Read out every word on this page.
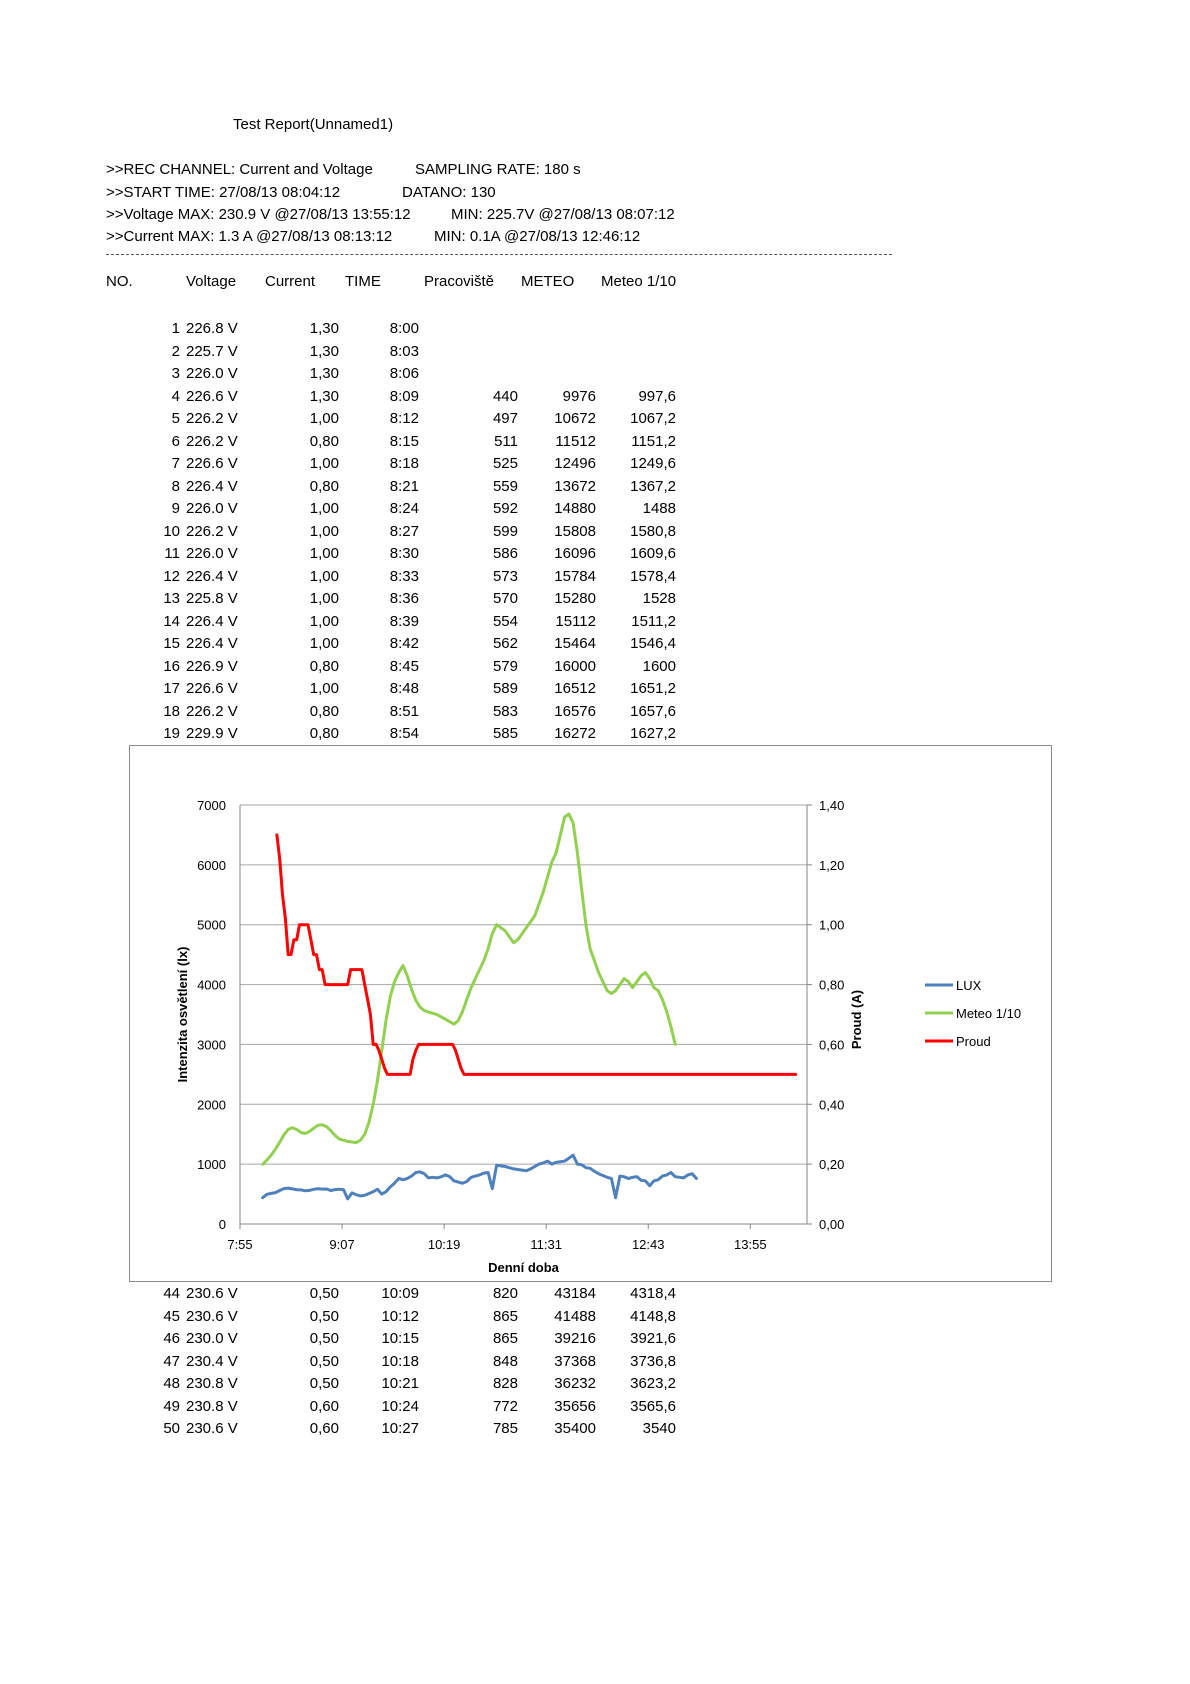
Test Report(Unnamed1)
>>REC CHANNEL: Current and Voltage	SAMPLING RATE: 180 s
>>START TIME: 27/08/13 08:04:12	DATANO: 130
>>Voltage MAX: 230.9 V @27/08/13 13:55:12	MIN: 225.7V @27/08/13 08:07:12
>>Current MAX: 1.3 A @27/08/13 08:13:12	MIN: 0.1A @27/08/13 12:46:12
NO.	Voltage Current TIME	Pracoviště METEO Meteo 1/10
1 226.8 V	1,30	8:00
2 225.7 V	1,30	8:03
3 226.0 V	1,30	8:06
4 226.6 V	1,30	8:09	440	9976	997,6
5 226.2 V	1,00	8:12	497	10672	1067,2
6 226.2 V	0,80	8:15	511	11512	1151,2
7 226.6 V	1,00	8:18	525	12496	1249,6
8 226.4 V	0,80	8:21	559	13672	1367,2
9 226.0 V	1,00	8:24	592	14880	1488
10 226.2 V	1,00	8:27	599	15808	1580,8
11 226.0 V	1,00	8:30	586	16096	1609,6
12 226.4 V	1,00	8:33	573	15784	1578,4
13 225.8 V	1,00	8:36	570	15280	1528
14 226.4 V	1,00	8:39	554	15112	1511,2
15 226.4 V	1,00	8:42	562	15464	1546,4
16 226.9 V	0,80	8:45	579	16000	1600
17 226.6 V	1,00	8:48	589	16512	1651,2
18 226.2 V	0,80	8:51	583	16576	1657,6
19 229.9 V	0,80	8:54	585	16272	1627,2
0
1000
2000
3000
4000
5000
6000
7000
0,00
0,20
0,40
0,60
0,80
1,00
1,20
1,40
7:55	9:07	10:19	11:31	12:43	13:55
Denní doba
Intenzita osvětlení (lx)	Proud (A)
LUX
Meteo 1/10
Proud
44 230.6 V	0,50	10:09	820	43184	4318,4
45 230.6 V	0,50	10:12	865	41488	4148,8
46 230.0 V	0,50	10:15	865	39216	3921,6
47 230.4 V	0,50	10:18	848	37368	3736,8
48 230.8 V	0,50	10:21	828	36232	3623,2
49 230.8 V	0,60	10:24	772	35656	3565,6
50 230.6 V	0,60	10:27	785	35400	3540
